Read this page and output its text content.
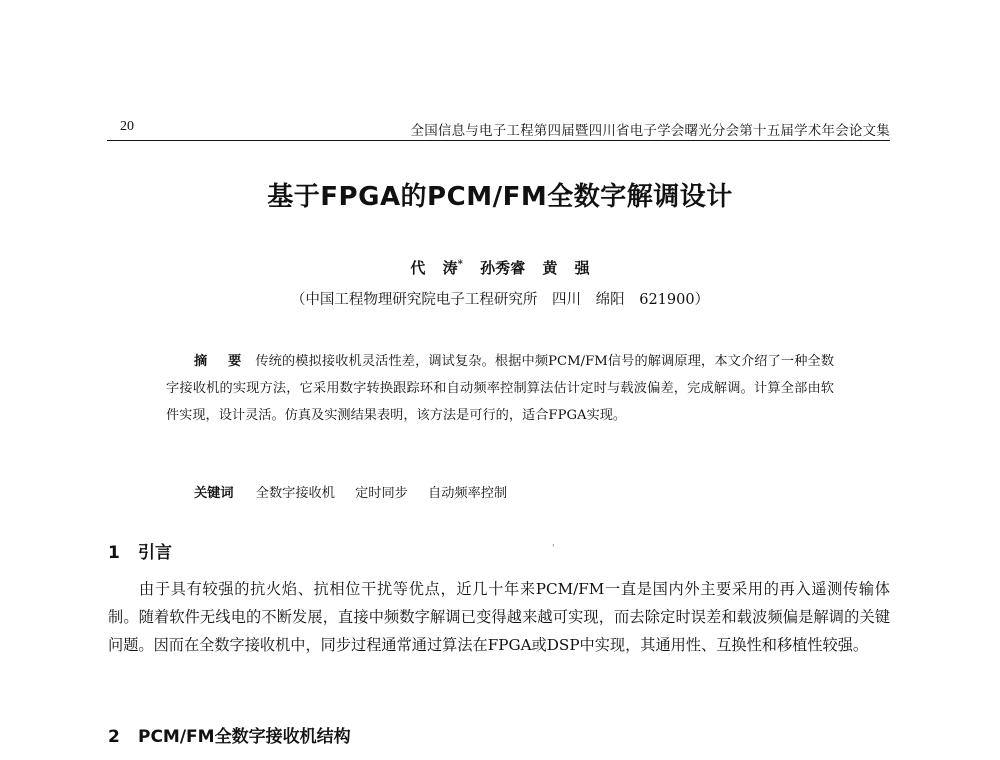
20	全国信息与电子工程第四届暨四川省电子学会曙光分会第十五届学术年会论文集
基于FPGA的PCM/FM全数字解调设计
代 涛* 孙秀睿 黄 强
（中国工程物理研究院电子工程研究所 四川 绵阳 621900）
摘 要 传统的模拟接收机灵活性差，调试复杂。根据中频PCM/FM信号的解调原理，本文介绍了一种全数字接收机的实现方法，它采用数字转换跟踪环和自动频率控制算法估计定时与载波偏差，完成解调。计算全部由软件实现，设计灵活。仿真及实测结果表明，该方法是可行的，适合FPGA实现。
关键词 全数字接收机 定时同步 自动频率控制
1 引言	'
由于具有较强的抗火焰、抗相位干扰等优点，近几十年来PCM/FM一直是国内外主要采用的再入遥测传输体制。随着软件无线电的不断发展，直接中频数字解调已变得越来越可实现，而去除定时误差和载波频偏是解调的关键问题。因而在全数字接收机中，同步过程通常通过算法在FPGA或DSP中实现，其通用性、互换性和移植性较强。
2 PCM/FM全数字接收机结构
